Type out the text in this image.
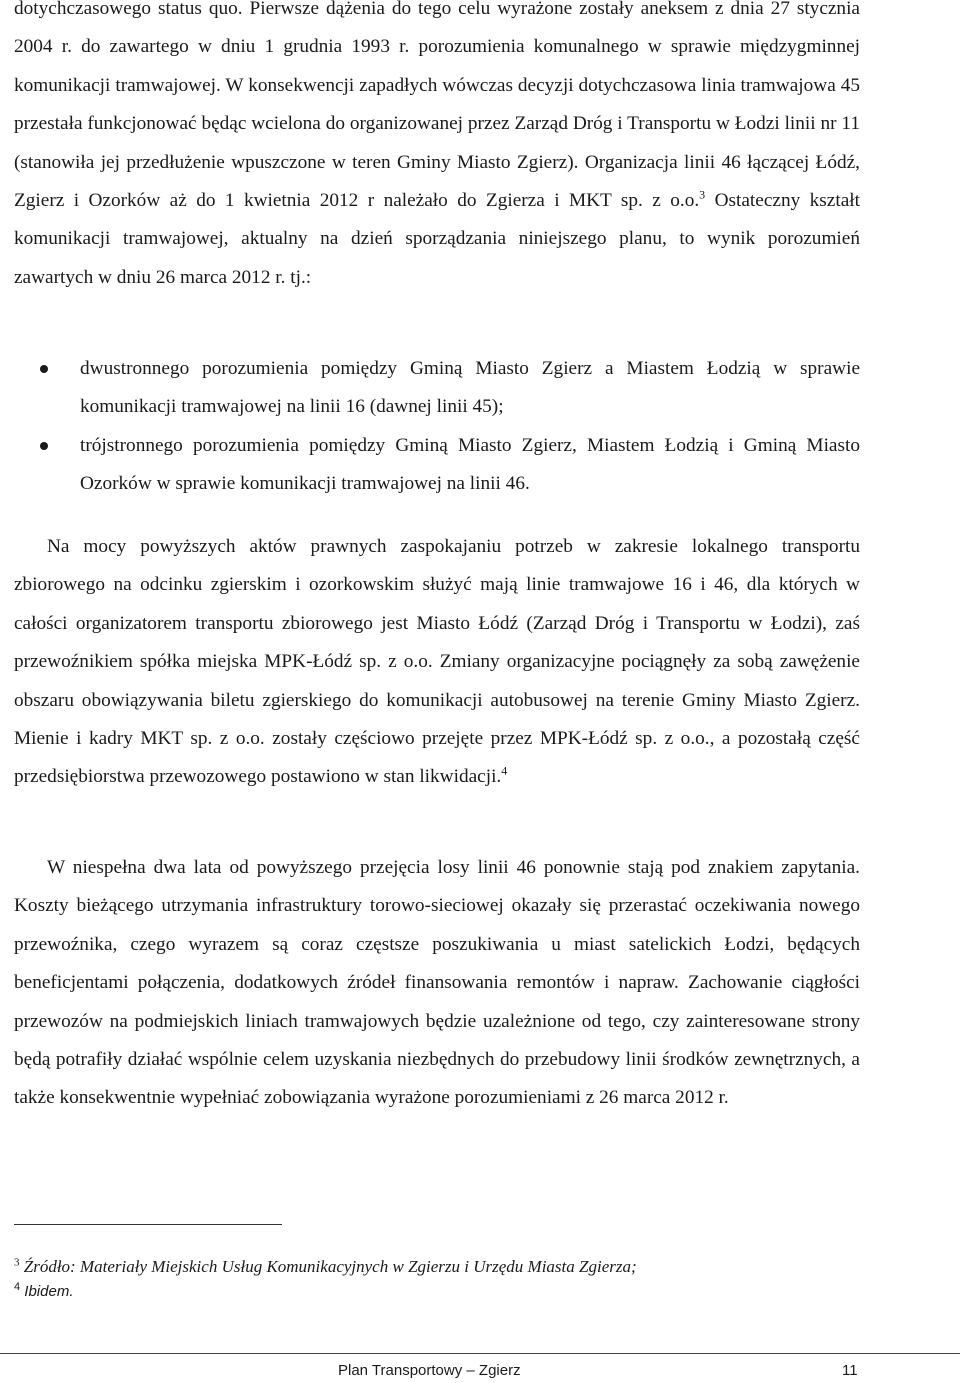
dotychczasowego status quo. Pierwsze dążenia do tego celu wyrażone zostały aneksem z dnia 27 stycznia 2004 r. do zawartego w dniu 1 grudnia 1993 r. porozumienia komunalnego w sprawie międzygminnej komunikacji tramwajowej. W konsekwencji zapadłych wówczas decyzji dotychczasowa linia tramwajowa 45 przestała funkcjonować będąc wcielona do organizowanej przez Zarząd Dróg i Transportu w Łodzi linii nr 11 (stanowiła jej przedłużenie wpuszczone w teren Gminy Miasto Zgierz). Organizacja linii 46 łączącej Łódź, Zgierz i Ozorków aż do 1 kwietnia 2012 r należało do Zgierza i MKT sp. z o.o.$^3$ Ostateczny kształt komunikacji tramwajowej, aktualny na dzień sporządzania niniejszego planu, to wynik porozumień zawartych w dniu 26 marca 2012 r. tj.:

dwustronnego porozumienia pomiędzy Gminą Miasto Zgierz a Miastem Łodzią w sprawie komunikacji tramwajowej na linii 16 (dawnej linii 45);
trójstronnego porozumienia pomiędzy Gminą Miasto Zgierz, Miastem Łodzią i Gminą Miasto Ozorków w sprawie komunikacji tramwajowej na linii 46.

Na mocy powyższych aktów prawnych zaspokajaniu potrzeb w zakresie lokalnego transportu zbiorowego na odcinku zgierskim i ozorkowskim służyć mają linie tramwajowe 16 i 46, dla których w całości organizatorem transportu zbiorowego jest Miasto Łódź (Zarząd Dróg i Transportu w Łodzi), zaś przewoźnikiem spółka miejska MPK-Łódź sp. z o.o. Zmiany organizacyjne pociągnęły za sobą zawężenie obszaru obowiązywania biletu zgierskiego do komunikacji autobusowej na terenie Gminy Miasto Zgierz. Mienie i kadry MKT sp. z o.o. zostały częściowo przejęte przez MPK-Łódź sp. z o.o., a pozostałą część przedsiębiorstwa przewozowego postawiono w stan likwidacji.$^4$

W niespełna dwa lata od powyższego przejęcia losy linii 46 ponownie stają pod znakiem zapytania. Koszty bieżącego utrzymania infrastruktury torowo-sieciowej okazały się przerastać oczekiwania nowego przewoźnika, czego wyrazem są coraz częstsze poszukiwania u miast satelickich Łodzi, będących beneficjentami połączenia, dodatkowych źródeł finansowania remontów i napraw. Zachowanie ciągłości przewozów na podmiejskich liniach tramwajowych będzie uzależnione od tego, czy zainteresowane strony będą potrafiły działać wspólnie celem uzyskania niezbędnych do przebudowy linii środków zewnętrznych, a także konsekwentnie wypełniać zobowiązania wyrażone porozumieniami z 26 marca 2012 r.

$^3$ Źródło: Materiały Miejskich Usług Komunikacyjnych w Zgierzu i Urzędu Miasta Zgierza;
$^4$ Ibidem.
Plan Transportowy – Zgierz	11
